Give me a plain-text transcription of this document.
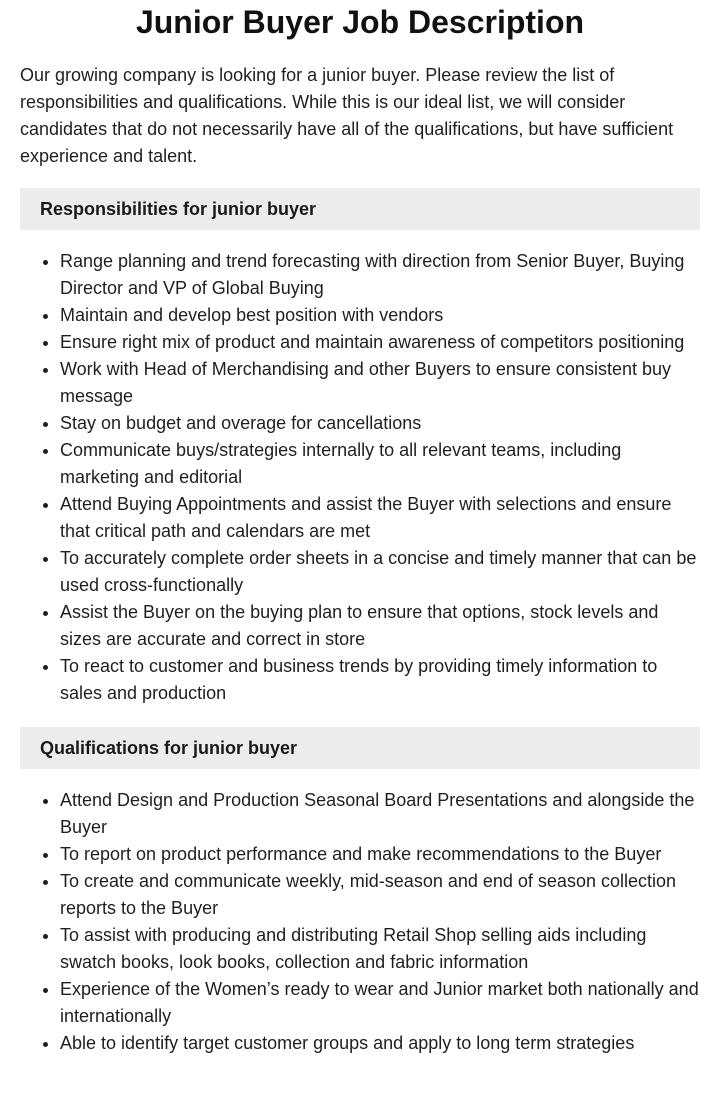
Junior Buyer Job Description

Our growing company is looking for a junior buyer. Please review the list of responsibilities and qualifications. While this is our ideal list, we will consider candidates that do not necessarily have all of the qualifications, but have sufficient experience and talent.

Responsibilities for junior buyer
• Range planning and trend forecasting with direction from Senior Buyer, Buying Director and VP of Global Buying
• Maintain and develop best position with vendors
• Ensure right mix of product and maintain awareness of competitors positioning
• Work with Head of Merchandising and other Buyers to ensure consistent buy message
• Stay on budget and overage for cancellations
• Communicate buys/strategies internally to all relevant teams, including marketing and editorial
• Attend Buying Appointments and assist the Buyer with selections and ensure that critical path and calendars are met
• To accurately complete order sheets in a concise and timely manner that can be used cross-functionally
• Assist the Buyer on the buying plan to ensure that options, stock levels and sizes are accurate and correct in store
• To react to customer and business trends by providing timely information to sales and production
Qualifications for junior buyer
• Attend Design and Production Seasonal Board Presentations and alongside the Buyer
• To report on product performance and make recommendations to the Buyer
• To create and communicate weekly, mid-season and end of season collection reports to the Buyer
• To assist with producing and distributing Retail Shop selling aids including swatch books, look books, collection and fabric information
• Experience of the Women’s ready to wear and Junior market both nationally and internationally
• Able to identify target customer groups and apply to long term strategies
